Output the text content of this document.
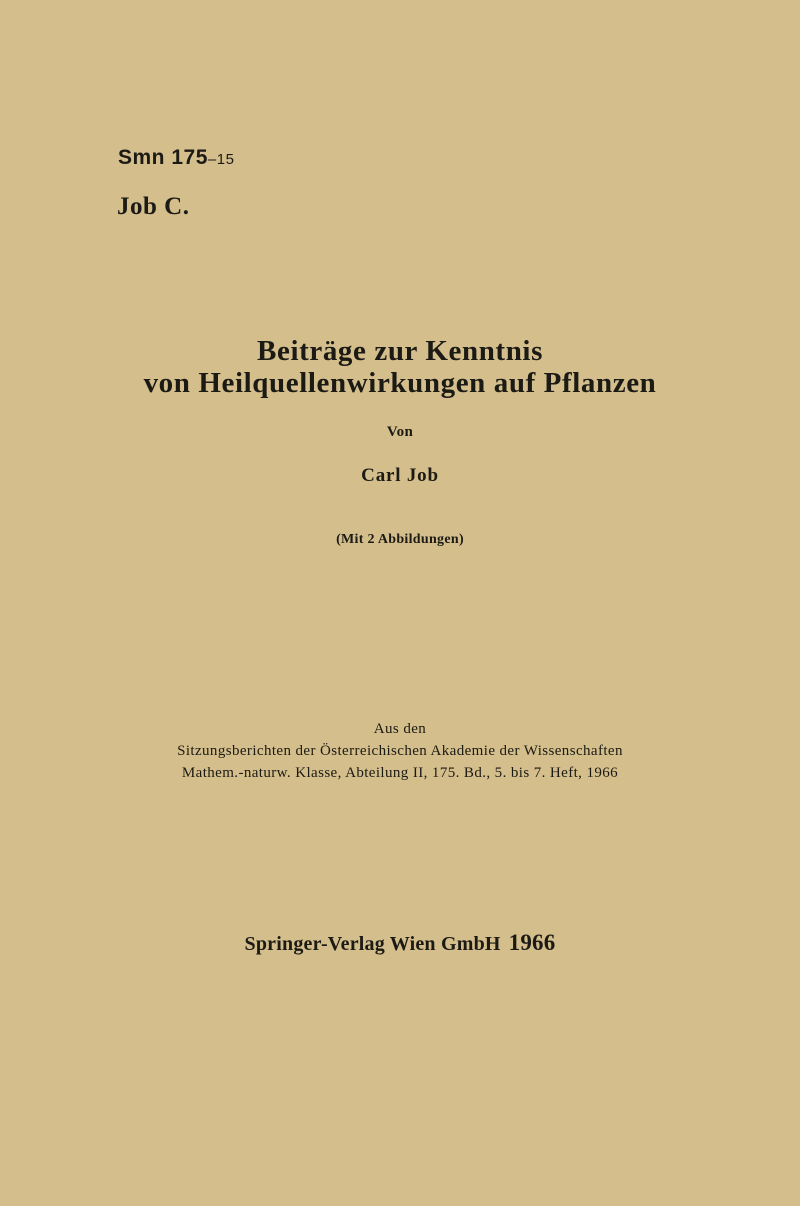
Smn 175–15
Job C.
Beiträge zur Kenntnis
von Heilquellenwirkungen auf Pflanzen
Von
Carl Job
(Mit 2 Abbildungen)
Aus den
Sitzungsberichten der Österreichischen Akademie der Wissenschaften
Mathem.-naturw. Klasse, Abteilung II, 175. Bd., 5. bis 7. Heft, 1966
Springer-Verlag Wien GmbH 1966
